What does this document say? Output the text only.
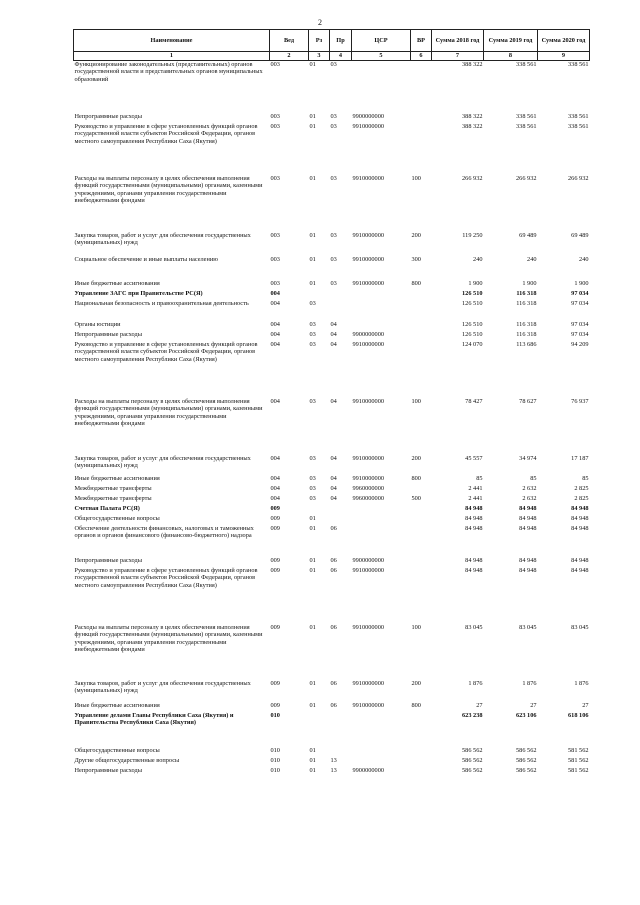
2
Наименование	Вед	Рз	Пр	ЦСР	ВР	Сумма 2018 год	Сумма 2019 год	Сумма 2020 год
1	2	3	4	5	6	7	8	9
Функционирование законодательных (представительных) органов государственной власти и представительных органов муниципальных образований	003	01	03			388 322	338 561	338 561
Непрограммные расходы	003	01	03	9900000000		388 322	338 561	338 561
Руководство и управление в сфере установленных функций органов государственной власти субъектов Российской Федерации, органов местного самоуправления Республики Саха (Якутия)	003	01	03	9910000000		388 322	338 561	338 561
Расходы на выплаты персоналу в целях обеспечения выполнения функций государственными (муниципальными) органами, казенными учреждениями, органами управления государственными внебюджетными фондами	003	01	03	9910000000	100	266 932	266 932	266 932
Закупка товаров, работ и услуг для обеспечения государственных (муниципальных) нужд	003	01	03	9910000000	200	119 250	69 489	69 489
Социальное обеспечение и иные выплаты населению	003	01	03	9910000000	300	240	240	240
Иные бюджетные ассигнования	003	01	03	9910000000	800	1 900	1 900	1 900
Управление ЗАГС при Правительстве РС(Я)	004					126 510	116 318	97 034
Национальная безопасность и правоохранительная деятельность	004	03				126 510	116 318	97 034
Органы юстиции	004	03	04			126 510	116 318	97 034
Непрограммные расходы	004	03	04	9900000000		126 510	116 318	97 034
Руководство и управление в сфере установленных функций органов государственной власти субъектов Российской Федерации, органов местного самоуправления Республики Саха (Якутия)	004	03	04	9910000000		124 070	113 686	94 209
Расходы на выплаты персоналу в целях обеспечения выполнения функций государственными (муниципальными) органами, казенными учреждениями, органами управления государственными внебюджетными фондами	004	03	04	9910000000	100	78 427	78 627	76 937
Закупка товаров, работ и услуг для обеспечения государственных (муниципальных) нужд	004	03	04	9910000000	200	45 557	34 974	17 187
Иные бюджетные ассигнования	004	03	04	9910000000	800	85	85	85
Межбюджетные трансферты	004	03	04	9960000000		2 441	2 632	2 825
Межбюджетные трансферты	004	03	04	9960000000	500	2 441	2 632	2 825
Счетная Палата РС(Я)	009					84 948	84 948	84 948
Общегосударственные вопросы	009	01				84 948	84 948	84 948
Обеспечение деятельности финансовых, налоговых и таможенных органов и органов финансового (финансово-бюджетного) надзора	009	01	06			84 948	84 948	84 948
Непрограммные расходы	009	01	06	9900000000		84 948	84 948	84 948
Руководство и управление в сфере установленных функций органов государственной власти субъектов Российской Федерации, органов местного самоуправления Республики Саха (Якутия)	009	01	06	9910000000		84 948	84 948	84 948
Расходы на выплаты персоналу в целях обеспечения выполнения функций государственными (муниципальными) органами, казенными учреждениями, органами управления государственными внебюджетными фондами	009	01	06	9910000000	100	83 045	83 045	83 045
Закупка товаров, работ и услуг для обеспечения государственных (муниципальных) нужд	009	01	06	9910000000	200	1 876	1 876	1 876
Иные бюджетные ассигнования	009	01	06	9910000000	800	27	27	27
Управление делами Главы Республики Саха (Якутия) и Правительства Республики Саха (Якутия)	010					623 238	623 106	618 106
Общегосударственные вопросы	010	01				586 562	586 562	581 562
Другие общегосударственные вопросы	010	01	13			586 562	586 562	581 562
Непрограммные расходы	010	01	13	9900000000		586 562	586 562	581 562
